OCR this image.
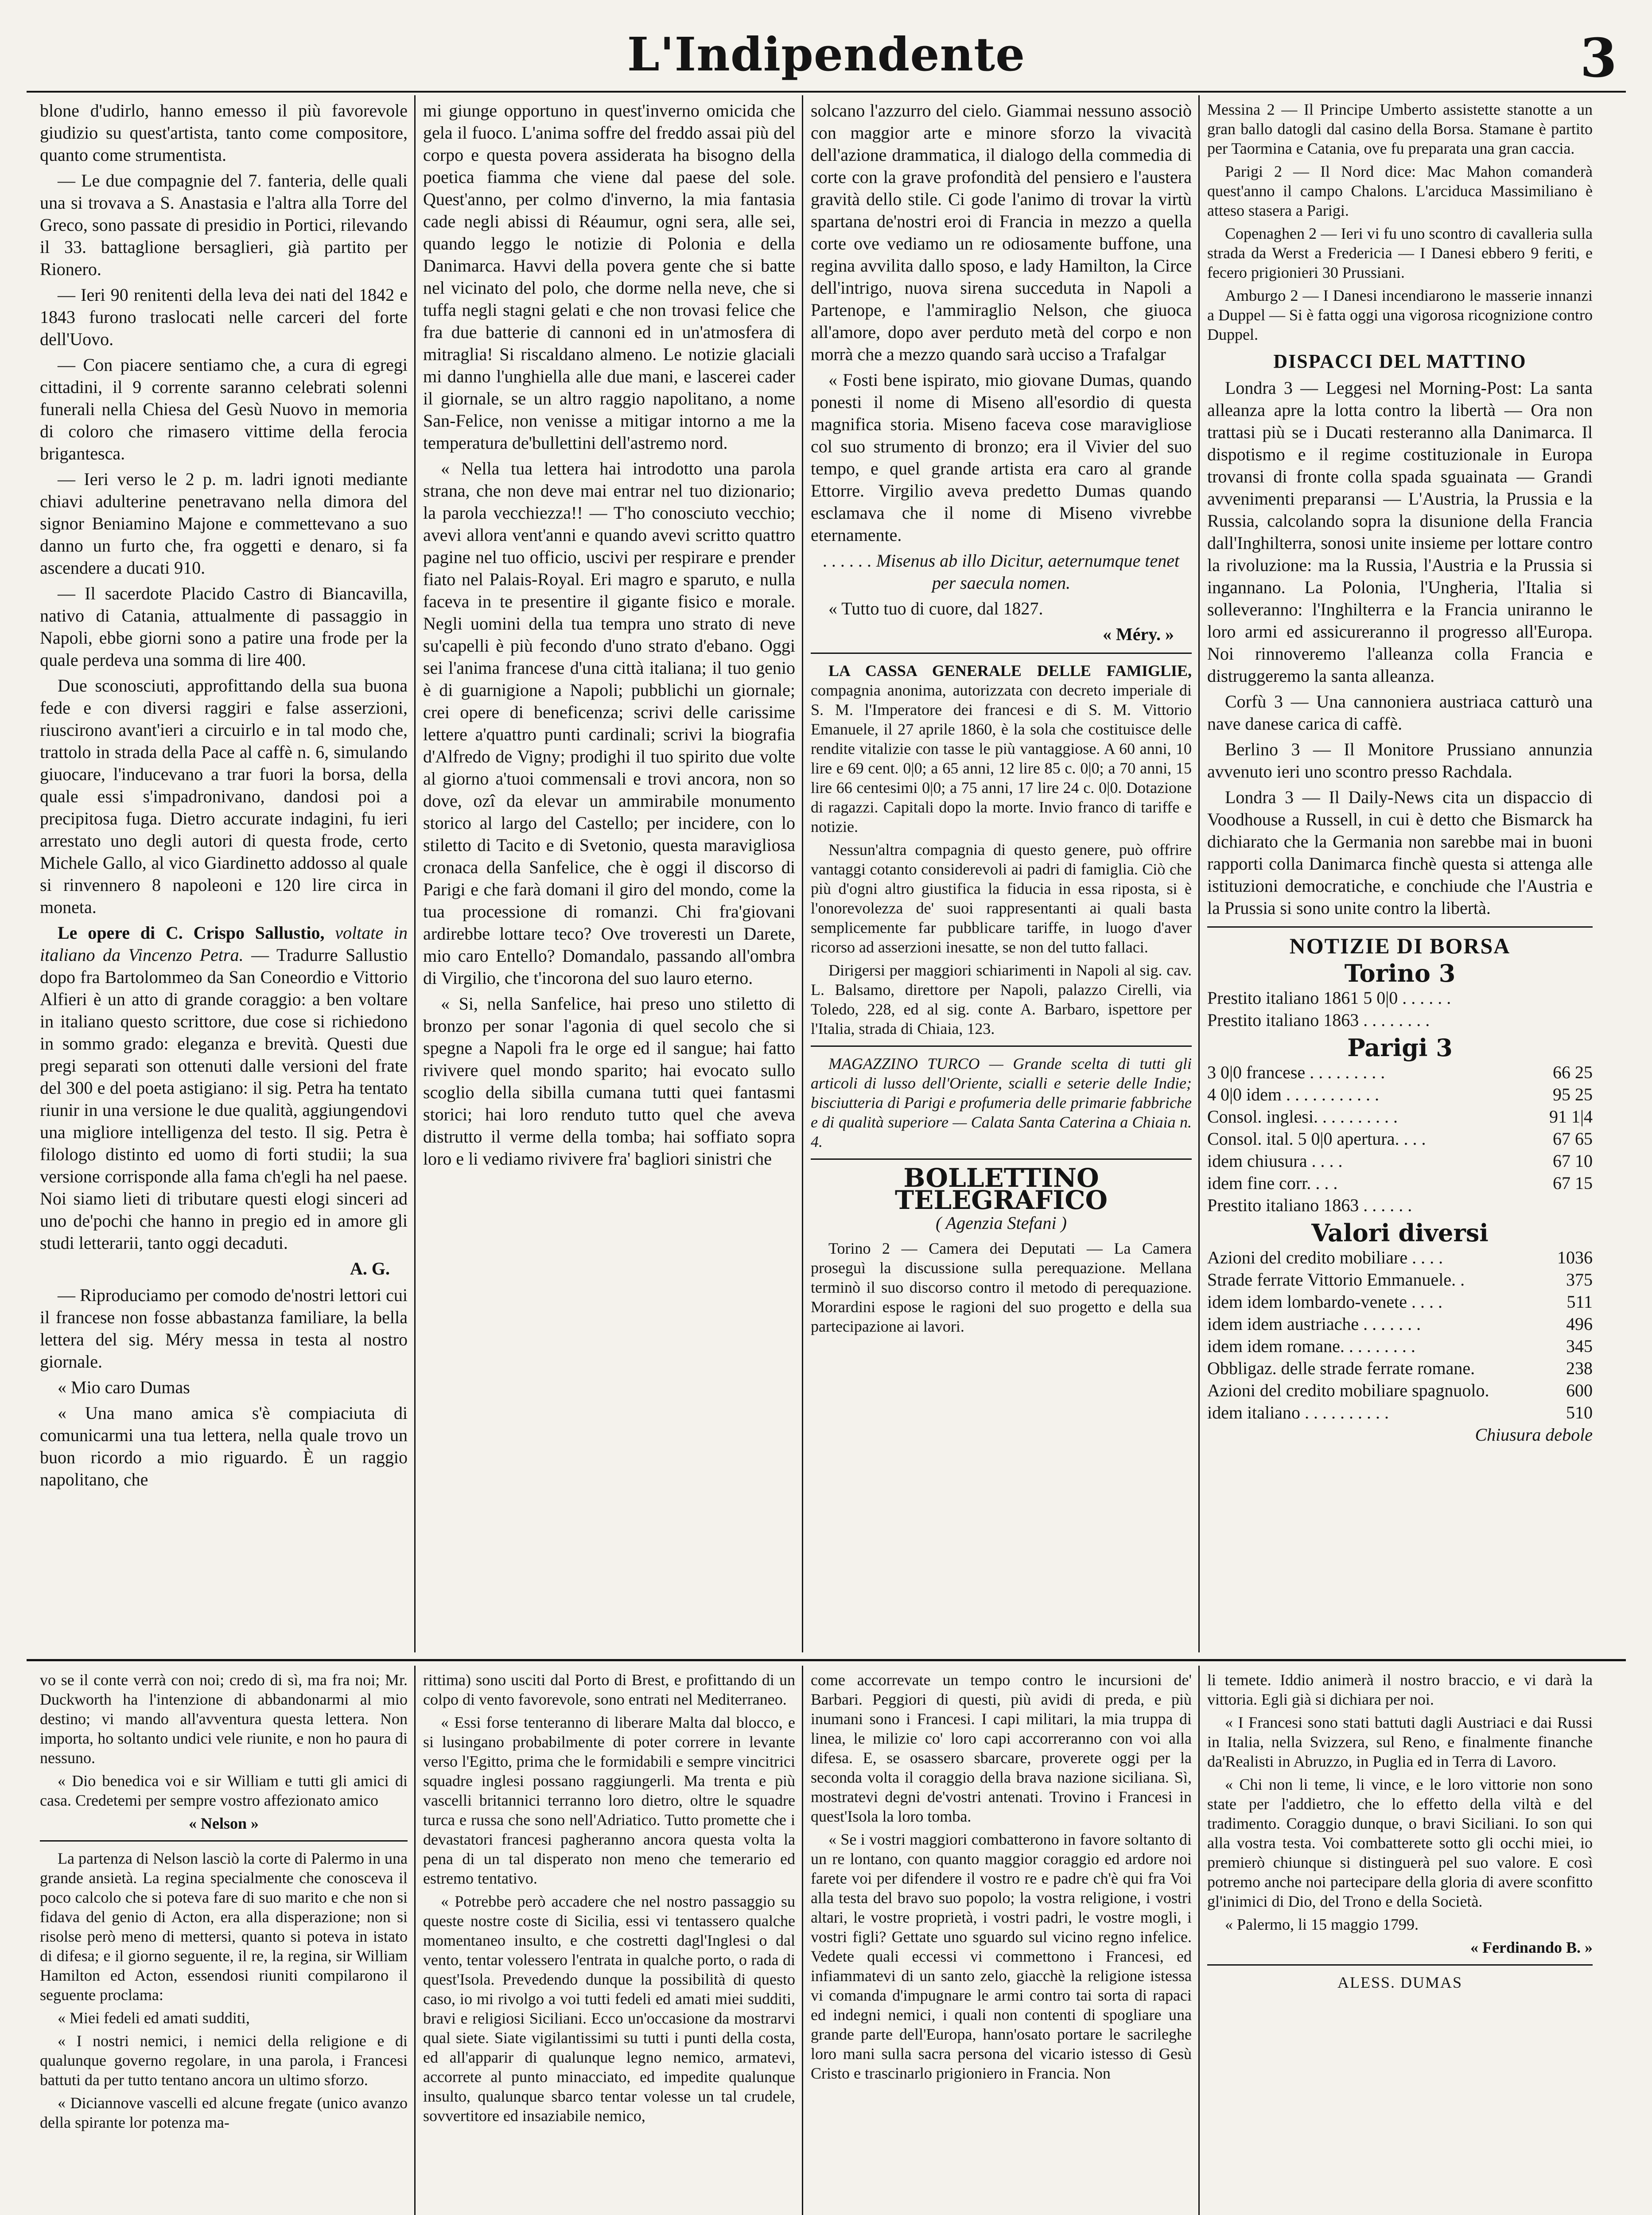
L'Indipendente	3

blone d'udirlo, hanno emesso il più favorevole giudizio su quest'artista, tanto come compositore, quanto come strumentista.

— Le due compagnie del 7. fanteria, delle quali una si trovava a S. Anastasia e l'altra alla Torre del Greco, sono passate di presidio in Portici, rilevando il 33. battaglione bersaglieri, già partito per Rionero.

— Ieri 90 renitenti della leva dei nati del 1842 e 1843 furono traslocati nelle carceri del forte dell'Uovo.

— Con piacere sentiamo che, a cura di egregi cittadini, il 9 corrente saranno celebrati solenni funerali nella Chiesa del Gesù Nuovo in memoria di coloro che rimasero vittime della ferocia brigantesca.

— Ieri verso le 2 p. m. ladri ignoti mediante chiavi adulterine penetravano nella dimora del signor Beniamino Majone e commettevano a suo danno un furto che, fra oggetti e denaro, si fa ascendere a ducati 910.

— Il sacerdote Placido Castro di Biancavilla, nativo di Catania, attualmente di passaggio in Napoli, ebbe giorni sono a patire una frode per la quale perdeva una somma di lire 400.

Due sconosciuti, approfittando della sua buona fede e con diversi raggiri e false asserzioni, riuscirono avant'ieri a circuirlo e in tal modo che, trattolo in strada della Pace al caffè n. 6, simulando giuocare, l'inducevano a trar fuori la borsa, della quale essi s'impadronivano, dandosi poi a precipitosa fuga. Dietro accurate indagini, fu ieri arrestato uno degli autori di questa frode, certo Michele Gallo, al vico Giardinetto addosso al quale si rinvennero 8 napoleoni e 120 lire circa in moneta.

Le opere di C. Crispo Sallustio, voltate in italiano da Vincenzo Petra. — Tradurre Sallustio dopo fra Bartolommeo da San Coneordio e Vittorio Alfieri è un atto di grande coraggio: a ben voltare in italiano questo scrittore, due cose si richiedono in sommo grado: eleganza e brevità. Questi due pregi separati son ottenuti dalle versioni del frate del 300 e del poeta astigiano: il sig. Petra ha tentato riunir in una versione le due qualità, aggiungendovi una migliore intelligenza del testo. Il sig. Petra è filologo distinto ed uomo di forti studii; la sua versione corrisponde alla fama ch'egli ha nel paese. Noi siamo lieti di tributare questi elogi sinceri ad uno de'pochi che hanno in pregio ed in amore gli studi letterarii, tanto oggi decaduti.

A. G.

— Riproduciamo per comodo de'nostri lettori cui il francese non fosse abbastanza familiare, la bella lettera del sig. Méry messa in testa al nostro giornale.

« Mio caro Dumas

« Una mano amica s'è compiaciuta di comunicarmi una tua lettera, nella quale trovo un buon ricordo a mio riguardo. È un raggio napolitano, che

mi giunge opportuno in quest'inverno omicida che gela il fuoco. L'anima soffre del freddo assai più del corpo e questa povera assiderata ha bisogno della poetica fiamma che viene dal paese del sole. Quest'anno, per colmo d'inverno, la mia fantasia cade negli abissi di Réaumur, ogni sera, alle sei, quando leggo le notizie di Polonia e della Danimarca. Havvi della povera gente che si batte nel vicinato del polo, che dorme nella neve, che si tuffa negli stagni gelati e che non trovasi felice che fra due batterie di cannoni ed in un'atmosfera di mitraglia! Si riscaldano almeno. Le notizie glaciali mi danno l'unghiella alle due mani, e lascerei cader il giornale, se un altro raggio napolitano, a nome San-Felice, non venisse a mitigar intorno a me la temperatura de'bullettini dell'astremo nord.

« Nella tua lettera hai introdotto una parola strana, che non deve mai entrar nel tuo dizionario; la parola vecchiezza!! — T'ho conosciuto vecchio; avevi allora vent'anni e quando avevi scritto quattro pagine nel tuo officio, uscivi per respirare e prender fiato nel Palais-Royal. Eri magro e sparuto, e nulla faceva in te presentire il gigante fisico e morale. Negli uomini della tua tempra uno strato di neve su'capelli è più fecondo d'uno strato d'ebano. Oggi sei l'anima francese d'una città italiana; il tuo genio è di guarnigione a Napoli; pubblichi un giornale; crei opere di beneficenza; scrivi delle carissime lettere a'quattro punti cardinali; scrivi la biografia d'Alfredo de Vigny; prodighi il tuo spirito due volte al giorno a'tuoi commensali e trovi ancora, non so dove, ozî da elevar un ammirabile monumento storico al largo del Castello; per incidere, con lo stiletto di Tacito e di Svetonio, questa maravigliosa cronaca della Sanfelice, che è oggi il discorso di Parigi e che farà domani il giro del mondo, come la tua processione di romanzi. Chi fra'giovani ardirebbe lottare teco? Ove troveresti un Darete, mio caro Entello? Domandalo, passando all'ombra di Virgilio, che t'incorona del suo lauro eterno.

« Si, nella Sanfelice, hai preso uno stiletto di bronzo per sonar l'agonia di quel secolo che si spegne a Napoli fra le orge ed il sangue; hai fatto rivivere quel mondo sparito; hai evocato sullo scoglio della sibilla cumana tutti quei fantasmi storici; hai loro renduto tutto quel che aveva distrutto il verme della tomba; hai soffiato sopra loro e li vediamo rivivere fra' bagliori sinistri che

solcano l'azzurro del cielo. Giammai nessuno associò con maggior arte e minore sforzo la vivacità dell'azione drammatica, il dialogo della commedia di corte con la grave profondità del pensiero e l'austera gravità dello stile. Ci gode l'animo di trovar la virtù spartana de'nostri eroi di Francia in mezzo a quella corte ove vediamo un re odiosamente buffone, una regina avvilita dallo sposo, e lady Hamilton, la Circe dell'intrigo, nuova sirena succeduta in Napoli a Partenope, e l'ammiraglio Nelson, che giuoca all'amore, dopo aver perduto metà del corpo e non morrà che a mezzo quando sarà ucciso a Trafalgar

« Fosti bene ispirato, mio giovane Dumas, quando ponesti il nome di Miseno all'esordio di questa magnifica storia. Miseno faceva cose maravigliose col suo strumento di bronzo; era il Vivier del suo tempo, e quel grande artista era caro al grande Ettorre. Virgilio aveva predetto Dumas quando esclamava che il nome di Miseno vivrebbe eternamente.

. . . . . . Misenus ab illo Dicitur, aeternumque tenet per saecula nomen.

« Tutto tuo di cuore, dal 1827.

« Méry. »

LA CASSA GENERALE DELLE FAMIGLIE, compagnia anonima, autorizzata con decreto imperiale di S. M. l'Imperatore dei francesi e di S. M. Vittorio Emanuele, il 27 aprile 1860, è la sola che costituisce delle rendite vitalizie con tasse le più vantaggiose. A 60 anni, 10 lire e 69 cent. 0|0; a 65 anni, 12 lire 85 c. 0|0; a 70 anni, 15 lire 66 centesimi 0|0; a 75 anni, 17 lire 24 c. 0|0. Dotazione di ragazzi. Capitali dopo la morte. Invio franco di tariffe e notizie.

Nessun'altra compagnia di questo genere, può offrire vantaggi cotanto considerevoli ai padri di famiglia. Ciò che più d'ogni altro giustifica la fiducia in essa riposta, si è l'onorevolezza de' suoi rappresentanti ai quali basta semplicemente far pubblicare tariffe, in luogo d'aver ricorso ad asserzioni inesatte, se non del tutto fallaci.

Dirigersi per maggiori schiarimenti in Napoli al sig. cav. L. Balsamo, direttore per Napoli, palazzo Cirelli, via Toledo, 228, ed al sig. conte A. Barbaro, ispettore per l'Italia, strada di Chiaia, 123.

MAGAZZINO TURCO — Grande scelta di tutti gli articoli di lusso dell'Oriente, scialli e seterie delle Indie; bisciutteria di Parigi e profumeria delle primarie fabbriche e di qualità superiore — Calata Santa Caterina a Chiaia n. 4.

BOLLETTINO TELEGRAFICO

( Agenzia Stefani )

Torino 2 — Camera dei Deputati — La Camera proseguì la discussione sulla perequazione. Mellana terminò il suo discorso contro il metodo di perequazione. Morardini espose le ragioni del suo progetto e della sua partecipazione ai lavori.

Messina 2 — Il Principe Umberto assistette stanotte a un gran ballo datogli dal casino della Borsa. Stamane è partito per Taormina e Catania, ove fu preparata una gran caccia.

Parigi 2 — Il Nord dice: Mac Mahon comanderà quest'anno il campo Chalons. L'arciduca Massimiliano è atteso stasera a Parigi.

Copenaghen 2 — Ieri vi fu uno scontro di cavalleria sulla strada da Werst a Fredericia — I Danesi ebbero 9 feriti, e fecero prigionieri 30 Prussiani.

Amburgo 2 — I Danesi incendiarono le masserie innanzi a Duppel — Si è fatta oggi una vigorosa ricognizione contro Duppel.

DISPACCI DEL MATTINO

Londra 3 — Leggesi nel Morning-Post: La santa alleanza apre la lotta contro la libertà — Ora non trattasi più se i Ducati resteranno alla Danimarca. Il dispotismo e il regime costituzionale in Europa trovansi di fronte colla spada sguainata — Grandi avvenimenti preparansi — L'Austria, la Prussia e la Russia, calcolando sopra la disunione della Francia dall'Inghilterra, sonosi unite insieme per lottare contro la rivoluzione: ma la Russia, l'Austria e la Prussia si ingannano. La Polonia, l'Ungheria, l'Italia si solleveranno: l'Inghilterra e la Francia uniranno le loro armi ed assicureranno il progresso all'Europa. Noi rinnoveremo l'alleanza colla Francia e distruggeremo la santa alleanza.

Corfù 3 — Una cannoniera austriaca catturò una nave danese carica di caffè.

Berlino 3 — Il Monitore Prussiano annunzia avvenuto ieri uno scontro presso Rachdala.

Londra 3 — Il Daily-News cita un dispaccio di Voodhouse a Russell, in cui è detto che Bismarck ha dichiarato che la Germania non sarebbe mai in buoni rapporti colla Danimarca finchè questa si attenga alle istituzioni democratiche, e conchiude che l'Austria e la Prussia si sono unite contro la libertà.

NOTIZIE DI BORSA
Torino 3
Prestito italiano 1861 5 0|0 . . . . . .
Prestito italiano 1863 . . . . . . . .
Parigi 3
3 0|0 francese . . . . . . . . .	66 25
4 0|0 idem . . . . . . . . . . .	95 25
Consol. inglesi. . . . . . . . . .	91 1|4
Consol. ital. 5 0|0 apertura. . . .	67 65
idem chiusura . . . .	67 10
idem fine corr. . . .	67 15
Prestito italiano 1863 . . . . . .
Valori diversi
Azioni del credito mobiliare . . . .	1036
Strade ferrate Vittorio Emmanuele. .	375
idem idem lombardo-venete . . . .	511
idem idem austriache . . . . . . .	496
idem idem romane. . . . . . . . .	345
Obbligaz. delle strade ferrate romane.	238
Azioni del credito mobiliare spagnuolo.	600
idem italiano . . . . . . . . . .	510

Chiusura debole

vo se il conte verrà con noi; credo di sì, ma fra noi; Mr. Duckworth ha l'intenzione di abbandonarmi al mio destino; vi mando all'avventura questa lettera. Non importa, ho soltanto undici vele riunite, e non ho paura di nessuno.

« Dio benedica voi e sir William e tutti gli amici di casa. Credetemi per sempre vostro affezionato amico

« Nelson »

La partenza di Nelson lasciò la corte di Palermo in una grande ansietà. La regina specialmente che conosceva il poco calcolo che si poteva fare di suo marito e che non si fidava del genio di Acton, era alla disperazione; non si risolse però meno di mettersi, quanto si poteva in istato di difesa; e il giorno seguente, il re, la regina, sir William Hamilton ed Acton, essendosi riuniti compilarono il seguente proclama:

« Miei fedeli ed amati sudditi,

« I nostri nemici, i nemici della religione e di qualunque governo regolare, in una parola, i Francesi battuti da per tutto tentano ancora un ultimo sforzo.

« Diciannove vascelli ed alcune fregate (unico avanzo della spirante lor potenza ma-

rittima) sono usciti dal Porto di Brest, e profittando di un colpo di vento favorevole, sono entrati nel Mediterraneo.

« Essi forse tenteranno di liberare Malta dal blocco, e si lusingano probabilmente di poter correre in levante verso l'Egitto, prima che le formidabili e sempre vincitrici squadre inglesi possano raggiungerli. Ma trenta e più vascelli britannici terranno loro dietro, oltre le squadre turca e russa che sono nell'Adriatico. Tutto promette che i devastatori francesi pagheranno ancora questa volta la pena di un tal disperato non meno che temerario ed estremo tentativo.

« Potrebbe però accadere che nel nostro passaggio su queste nostre coste di Sicilia, essi vi tentassero qualche momentaneo insulto, e che costretti dagl'Inglesi o dal vento, tentar volessero l'entrata in qualche porto, o rada di quest'Isola. Prevedendo dunque la possibilità di questo caso, io mi rivolgo a voi tutti fedeli ed amati miei sudditi, bravi e religiosi Siciliani. Ecco un'occasione da mostrarvi qual siete. Siate vigilantissimi su tutti i punti della costa, ed all'apparir di qualunque legno nemico, armatevi, accorrete al punto minacciato, ed impedite qualunque insulto, qualunque sbarco tentar volesse un tal crudele, sovvertitore ed insaziabile nemico,

come accorrevate un tempo contro le incursioni de' Barbari. Peggiori di questi, più avidi di preda, e più inumani sono i Francesi. I capi militari, la mia truppa di linea, le milizie co' loro capi accorreranno con voi alla difesa. E, se osassero sbarcare, proverete oggi per la seconda volta il coraggio della brava nazione siciliana. Sì, mostratevi degni de'vostri antenati. Trovino i Francesi in quest'Isola la loro tomba.

« Se i vostri maggiori combatterono in favore soltanto di un re lontano, con quanto maggior coraggio ed ardore noi farete voi per difendere il vostro re e padre ch'è qui fra Voi alla testa del bravo suo popolo; la vostra religione, i vostri altari, le vostre proprietà, i vostri padri, le vostre mogli, i vostri figli? Gettate uno sguardo sul vicino regno infelice. Vedete quali eccessi vi commettono i Francesi, ed infiammatevi di un santo zelo, giacchè la religione istessa vi comanda d'impugnare le armi contro tai sorta di rapaci ed indegni nemici, i quali non contenti di spogliare una grande parte dell'Europa, hann'osato portare le sacrileghe loro mani sulla sacra persona del vicario istesso di Gesù Cristo e trascinarlo prigioniero in Francia. Non

li temete. Iddio animerà il nostro braccio, e vi darà la vittoria. Egli già si dichiara per noi.

« I Francesi sono stati battuti dagli Austriaci e dai Russi in Italia, nella Svizzera, sul Reno, e finalmente finanche da'Realisti in Abruzzo, in Puglia ed in Terra di Lavoro.

« Chi non li teme, li vince, e le loro vittorie non sono state per l'addietro, che lo effetto della viltà e del tradimento. Coraggio dunque, o bravi Siciliani. Io son qui alla vostra testa. Voi combatterete sotto gli occhi miei, io premierò chiunque si distinguerà pel suo valore. E così potremo anche noi partecipare della gloria di avere sconfitto gl'inimici di Dio, del Trono e della Società.

« Palermo, li 15 maggio 1799.

« Ferdinando B. »

ALESS. DUMAS
